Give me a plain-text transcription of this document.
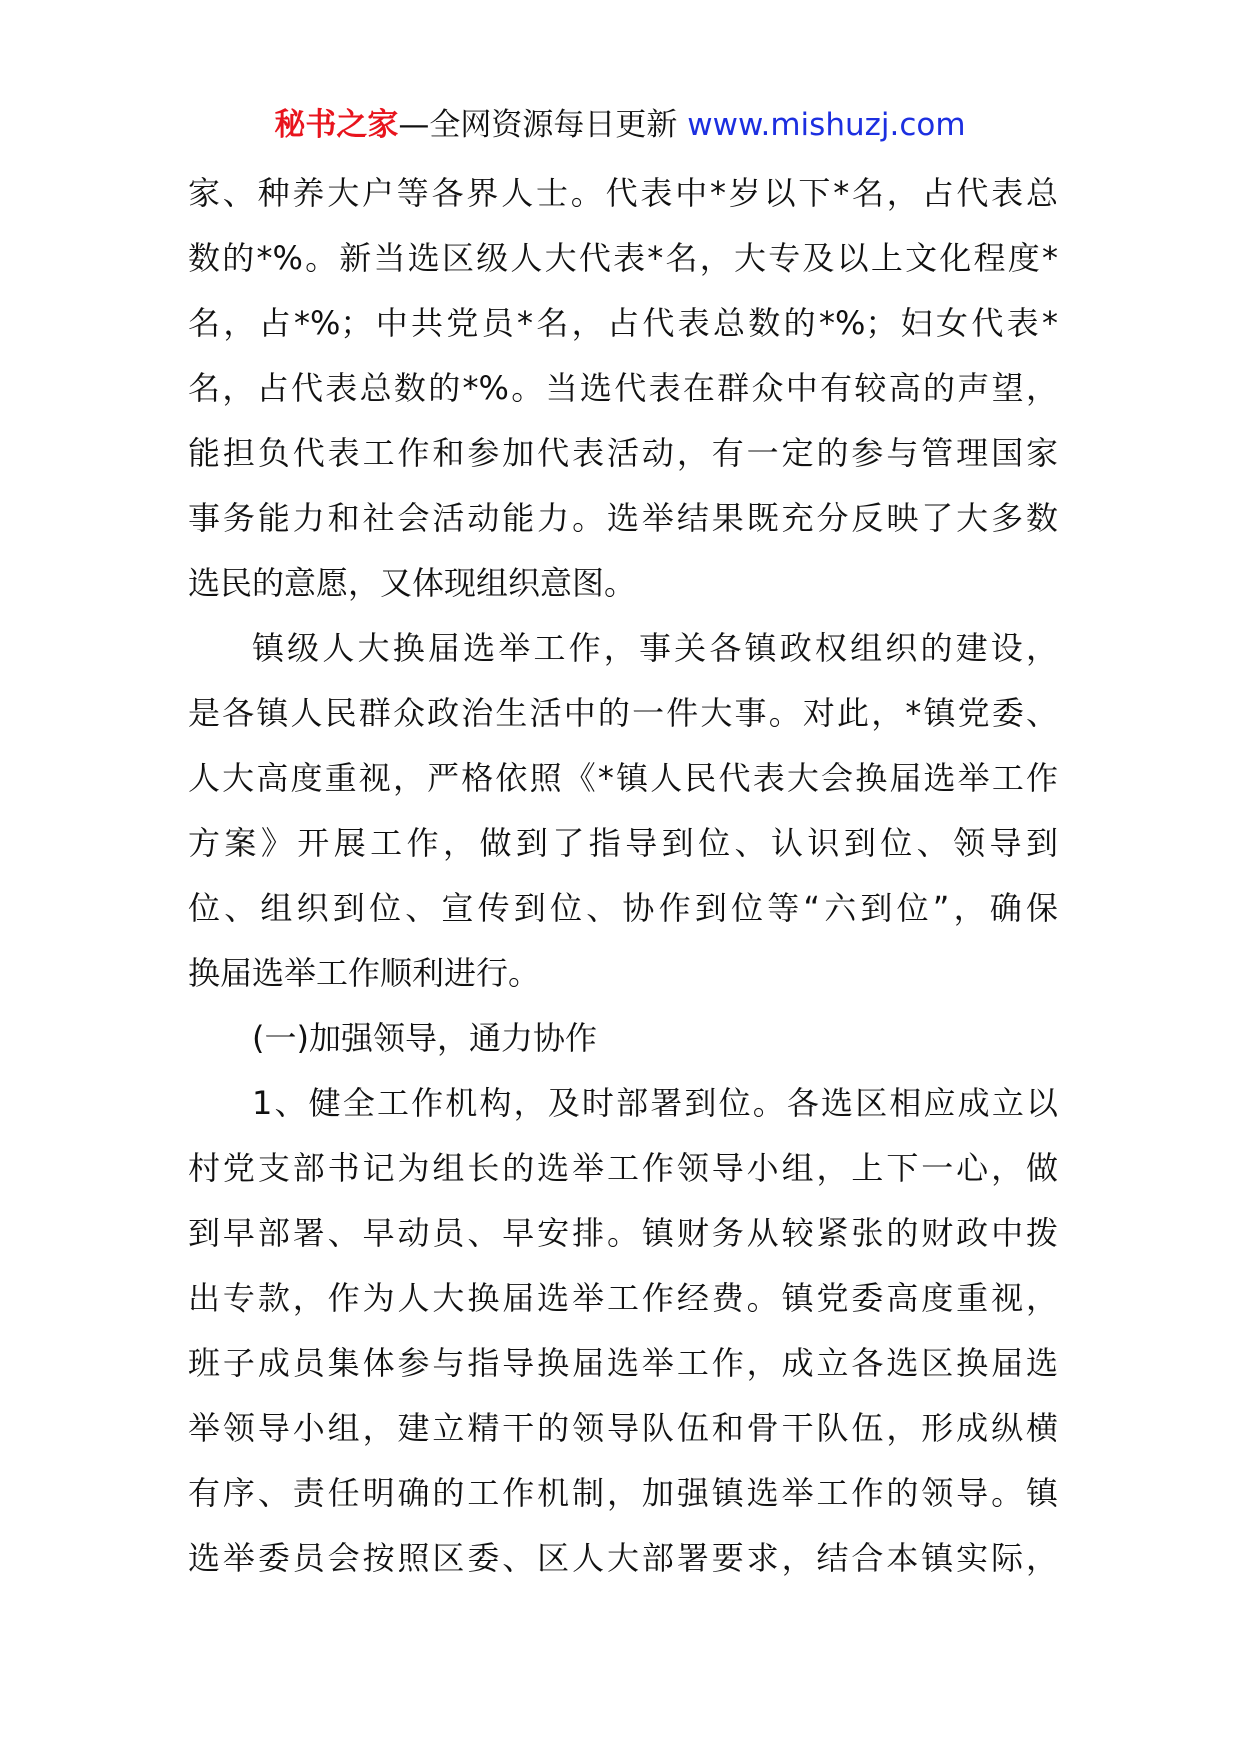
秘书之家—全网资源每日更新 www.mishuzj.com
家、种养大户等各界人士。代表中*岁以下*名，占代表总
数的*%。新当选区级人大代表*名，大专及以上文化程度*
名，占*%；中共党员*名，占代表总数的*%；妇女代表*
名，占代表总数的*%。当选代表在群众中有较高的声望，
能担负代表工作和参加代表活动，有一定的参与管理国家
事务能力和社会活动能力。选举结果既充分反映了大多数
选民的意愿，又体现组织意图。
镇级人大换届选举工作，事关各镇政权组织的建设，
是各镇人民群众政治生活中的一件大事。对此，*镇党委、
人大高度重视，严格依照《*镇人民代表大会换届选举工作
方案》开展工作，做到了指导到位、认识到位、领导到
位、组织到位、宣传到位、协作到位等“六到位”，确保
换届选举工作顺利进行。
(一)加强领导，通力协作
1、健全工作机构，及时部署到位。各选区相应成立以
村党支部书记为组长的选举工作领导小组，上下一心，做
到早部署、早动员、早安排。镇财务从较紧张的财政中拨
出专款，作为人大换届选举工作经费。镇党委高度重视，
班子成员集体参与指导换届选举工作，成立各选区换届选
举领导小组，建立精干的领导队伍和骨干队伍，形成纵横
有序、责任明确的工作机制，加强镇选举工作的领导。镇
选举委员会按照区委、区人大部署要求，结合本镇实际，
